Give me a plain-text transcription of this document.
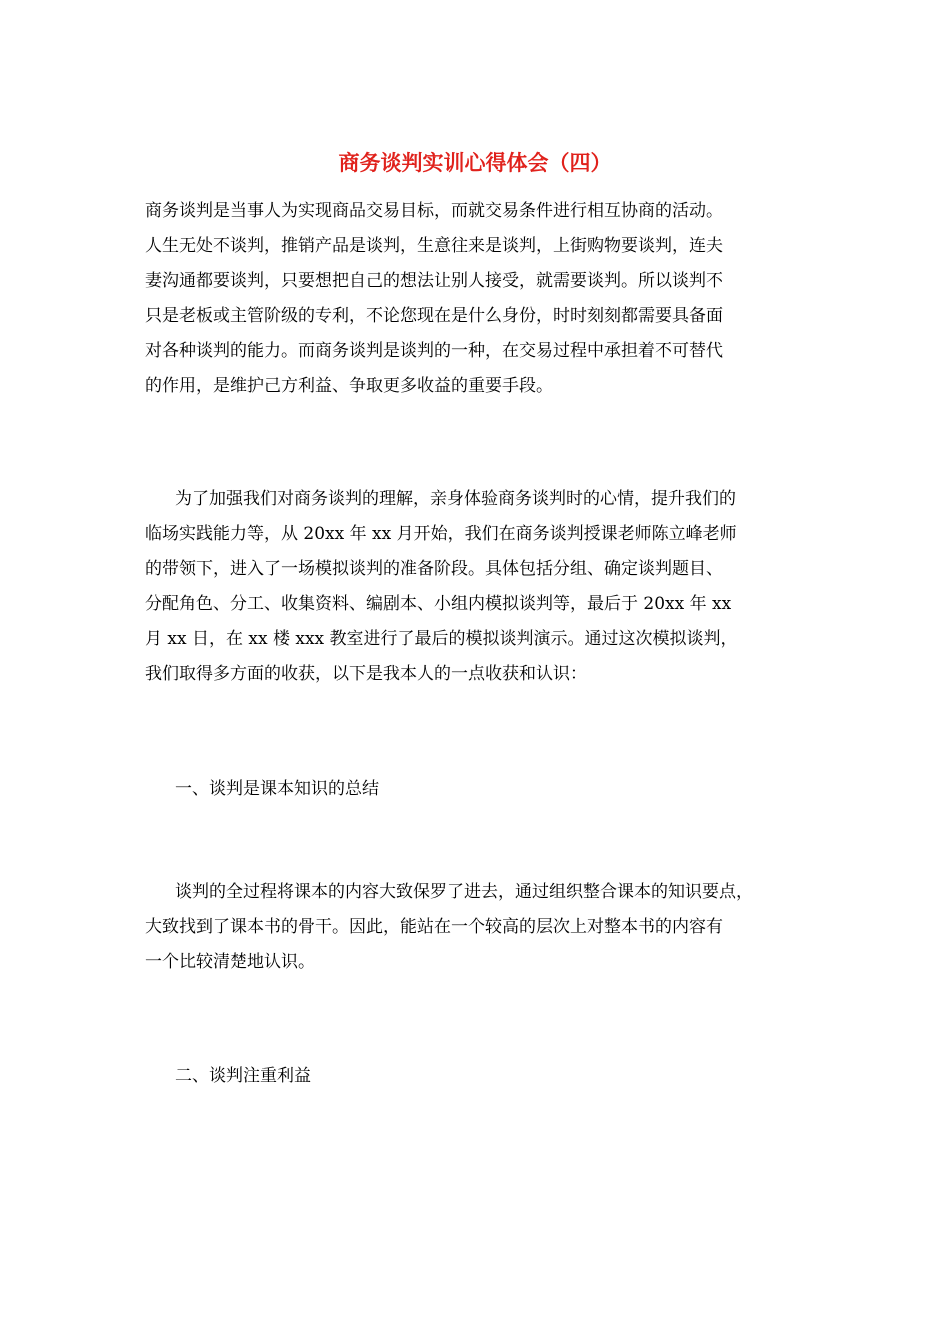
商务谈判实训心得体会（四）
商务谈判是当事人为实现商品交易目标，而就交易条件进行相互协商的活动。
人生无处不谈判，推销产品是谈判，生意往来是谈判，上街购物要谈判，连夫
妻沟通都要谈判，只要想把自己的想法让别人接受，就需要谈判。所以谈判不
只是老板或主管阶级的专利，不论您现在是什么身份，时时刻刻都需要具备面
对各种谈判的能力。而商务谈判是谈判的一种，在交易过程中承担着不可替代
的作用，是维护己方利益、争取更多收益的重要手段。
为了加强我们对商务谈判的理解，亲身体验商务谈判时的心情，提升我们的
临场实践能力等，从 20xx 年 xx 月开始，我们在商务谈判授课老师陈立峰老师
的带领下，进入了一场模拟谈判的准备阶段。具体包括分组、确定谈判题目、
分配角色、分工、收集资料、编剧本、小组内模拟谈判等，最后于 20xx 年 xx
月 xx 日，在 xx 楼 xxx 教室进行了最后的模拟谈判演示。通过这次模拟谈判，
我们取得多方面的收获，以下是我本人的一点收获和认识：
一、谈判是课本知识的总结
谈判的全过程将课本的内容大致保罗了进去，通过组织整合课本的知识要点，
大致找到了课本书的骨干。因此，能站在一个较高的层次上对整本书的内容有
一个比较清楚地认识。
二、谈判注重利益
